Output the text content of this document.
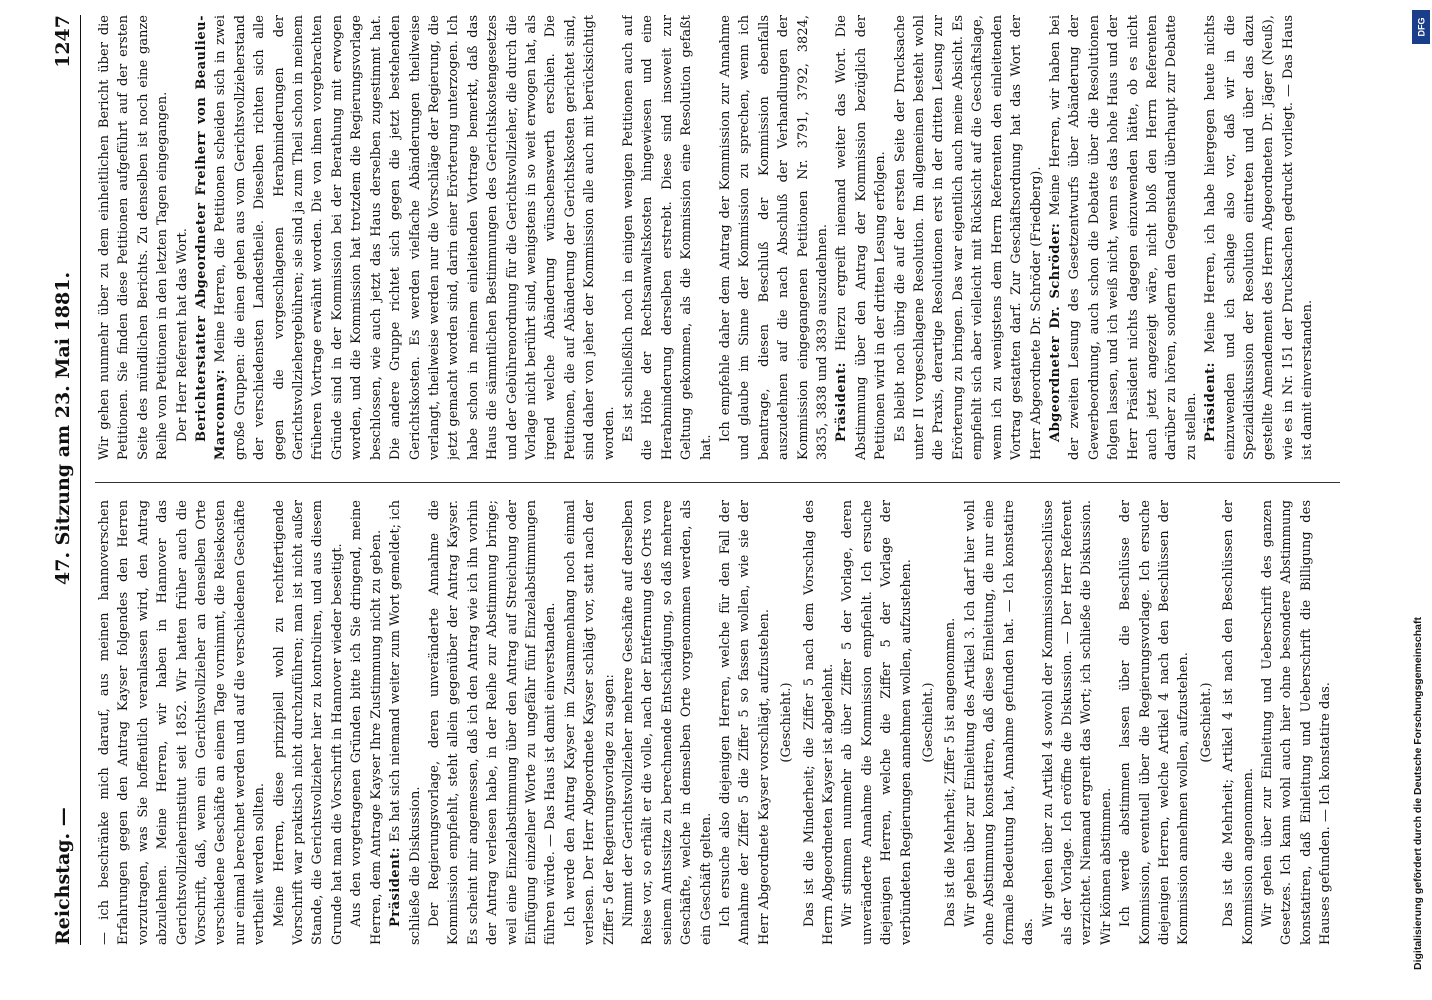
Reichstag. —
47. Sitzung am 23. Mai 1881.
1247

— ich beschränke mich darauf, aus meinen hannoverschen Erfahrungen gegen den Antrag Kayser folgendes den Herren vorzutragen, was Sie hoffentlich veranlassen wird, den Antrag abzulehnen. Meine Herren, wir haben in Hannover das Gerichtsvollzieherinstitut seit 1852. Wir hatten früher auch die Vorschrift, daß, wenn ein Gerichtsvollzieher an denselben Orte verschiedene Geschäfte an einem Tage vornimmt, die Reisekosten nur einmal berechnet werden und auf die verschiedenen Geschäfte vertheilt werden sollten. Meine Herren, diese prinzipiell wohl zu rechtfertigende Vorschrift war praktisch nicht durchzuführen; man ist nicht außer Stande, die Gerichtsvollzieher hier zu kontroliren, und aus diesem Grunde hat man die Vorschrift in Hannover wieder beseitigt. Aus den vorgetragenen Gründen bitte ich Sie dringend, meine Herren, dem Antrage Kayser Ihre Zustimmung nicht zu geben. Präsident: Es hat sich niemand weiter zum Wort gemeldet; ich schließe die Diskussion. Der Regierungsvorlage, deren unveränderte Annahme die Kommission empfiehlt, steht allein gegenüber der Antrag Kayser. Es scheint mir angemessen, daß ich den Antrag wie ich ihn vorhin der Antrag verlesen habe, in der Reihe zur Abstimmung bringe; weil eine Einzelabstimmung über den Antrag auf Streichung oder Einfügung einzelner Worte zu ungefähr fünf Einzelabstimmungen führen würde. — Das Haus ist damit einverstanden. Ich werde den Antrag Kayser im Zusammenhang noch einmal verlesen. Der Herr Abgeordnete Kayser schlägt vor, statt nach der Ziffer 5 der Regierungsvorlage zu sagen: Nimmt der Gerichtsvollzieher mehrere Geschäfte auf derselben Reise vor, so erhält er die volle, nach der Entfernung des Orts von seinem Amtssitze zu berechnende Entschädigung, so daß mehrere Geschäfte, welche in demselben Orte vorgenommen werden, als ein Geschäft gelten. Ich ersuche also diejenigen Herren, welche für den Fall der Annahme der Ziffer 5 die Ziffer 5 so fassen wollen, wie sie der Herr Abgeordnete Kayser vorschlägt, aufzustehen. (Geschieht.) Das ist die Minderheit; die Ziffer 5 nach dem Vorschlag des Herrn Abgeordneten Kayser ist abgelehnt. Wir stimmen nunmehr ab über Ziffer 5 der Vorlage, deren unveränderte Annahme die Kommission empfiehlt. Ich ersuche diejenigen Herren, welche die Ziffer 5 der Vorlage der verbündeten Regierungen annehmen wollen, aufzustehen. (Geschieht.) Das ist die Mehrheit; Ziffer 5 ist angenommen. Wir gehen über zur Einleitung des Artikel 3. Ich darf hier wohl ohne Abstimmung konstatiren, daß diese Einleitung, die nur eine formale Bedeutung hat, Annahme gefunden hat. — Ich konstatire das.

Wir gehen über zu Artikel 4 sowohl der Kommissionsbeschlüsse als der Vorlage. Ich eröffne die Diskussion. — Der Herr Referent verzichtet. Niemand ergreift das Wort; ich schließe die Diskussion. Wir können abstimmen. Ich werde abstimmen lassen über die Beschlüsse der Kommission, eventuell über die Regierungsvorlage. Ich ersuche diejenigen Herren, welche Artikel 4 nach den Beschlüssen der Kommission annehmen wollen, aufzustehen. (Geschieht.) Das ist die Mehrheit; Artikel 4 ist nach den Beschlüssen der Kommission angenommen. Wir gehen über zur Einleitung und Ueberschrift des ganzen Gesetzes. Ich kann wohl auch hier ohne besondere Abstimmung konstatiren, daß Einleitung und Ueberschrift die Billigung des Hauses gefunden. — Ich konstatire das.

Wir gehen nunmehr über zu dem einheitlichen Bericht über die Petitionen. Sie finden diese Petitionen aufgeführt auf der ersten Seite des mündlichen Berichts. Zu denselben ist noch eine ganze Reihe von Petitionen in den letzten Tagen eingegangen. Der Herr Referent hat das Wort. Berichterstatter Abgeordneter Freiherr von Beaulieu-Marconnay: Meine Herren, die Petitionen scheiden sich in zwei große Gruppen: die einen gehen aus vom Gerichtsvollzieherstand der verschiedensten Landestheile. Dieselben richten sich alle gegen die vorgeschlagenen Herabminderungen der Gerichtsvollziehergebühren; sie sind ja zum Theil schon in meinem früheren Vortrage erwähnt worden. Die von ihnen vorgebrachten Gründe sind in der Kommission bei der Berathung mit erwogen worden, und die Kommission hat trotzdem die Regierungsvorlage beschlossen, wie auch jetzt das Haus derselben zugestimmt hat. Die andere Gruppe richtet sich gegen die jetzt bestehenden Gerichtskosten. Es werden vielfache Abänderungen theilweise verlangt, theilweise werden nur die Vorschläge der Regierung, die jetzt gemacht worden sind, darin einer Erörterung unterzogen. Ich habe schon in meinem einleitenden Vortrage bemerkt, daß das Haus die sämmtlichen Bestimmungen des Gerichtskostengesetzes und der Gebührenordnung für die Gerichtsvollzieher, die durch die Vorlage nicht berührt sind, wenigstens in so weit erwogen hat, als irgend welche Abänderung wünschenswerth erschien. Die Petitionen, die auf Abänderung der Gerichtskosten gerichtet sind, sind daher von jeher der Kommission alle auch mit berücksichtigt worden. Es ist schließlich noch in einigen wenigen Petitionen auch auf die Höhe der Rechtsanwaltskosten hingewiesen und eine Herabminderung derselben erstrebt. Diese sind insoweit zur Geltung gekommen, als die Kommission eine Resolution gefaßt hat.

Ich empfehle daher dem Antrag der Kommission zur Annahme und glaube im Sinne der Kommission zu sprechen, wenn ich beantrage, diesen Beschluß der Kommission ebenfalls auszudehnen auf die nach Abschluß der Verhandlungen der Kommission eingegangenen Petitionen Nr. 3791, 3792, 3824, 3835, 3838 und 3839 auszudehnen. Präsident: Hierzu ergreift niemand weiter das Wort. Die Abstimmung über den Antrag der Kommission bezüglich der Petitionen wird in der dritten Lesung erfolgen. Es bleibt noch übrig die auf der ersten Seite der Drucksache unter II vorgeschlagene Resolution. Im allgemeinen besteht wohl die Praxis, derartige Resolutionen erst in der dritten Lesung zur Erörterung zu bringen. Das war eigentlich auch meine Absicht. Es empfiehlt sich aber vielleicht mit Rücksicht auf die Geschäftslage, wenn ich zu wenigstens dem Herrn Referenten den einleitenden Vortrag gestatten darf. Zur Geschäftsordnung hat das Wort der Herr Abgeordnete Dr. Schröder (Friedberg). Abgeordneter Dr. Schröder: Meine Herren, wir haben bei der zweiten Lesung des Gesetzentwurfs über Abänderung der Gewerbeordnung, auch schon die Debatte über die Resolutionen folgen lassen, und ich weiß nicht, wenn es das hohe Haus und der Herr Präsident nichts dagegen einzuwenden hätte, ob es nicht auch jetzt angezeigt wäre, nicht bloß den Herrn Referenten darüber zu hören, sondern den Gegenstand überhaupt zur Debatte zu stellen. Präsident: Meine Herren, ich habe hiergegen heute nichts einzuwenden und ich schlage also vor, daß wir in die Spezialdiskussion der Resolution eintreten und über das dazu gestellte Amendement des Herrn Abgeordneten Dr. Jäger (Neuß), wie es in Nr. 151 der Drucksachen gedruckt vorliegt. — Das Haus ist damit einverstanden.

Digitalisierung gefördert durch die Deutsche Forschungsgemeinschaft
DFG
